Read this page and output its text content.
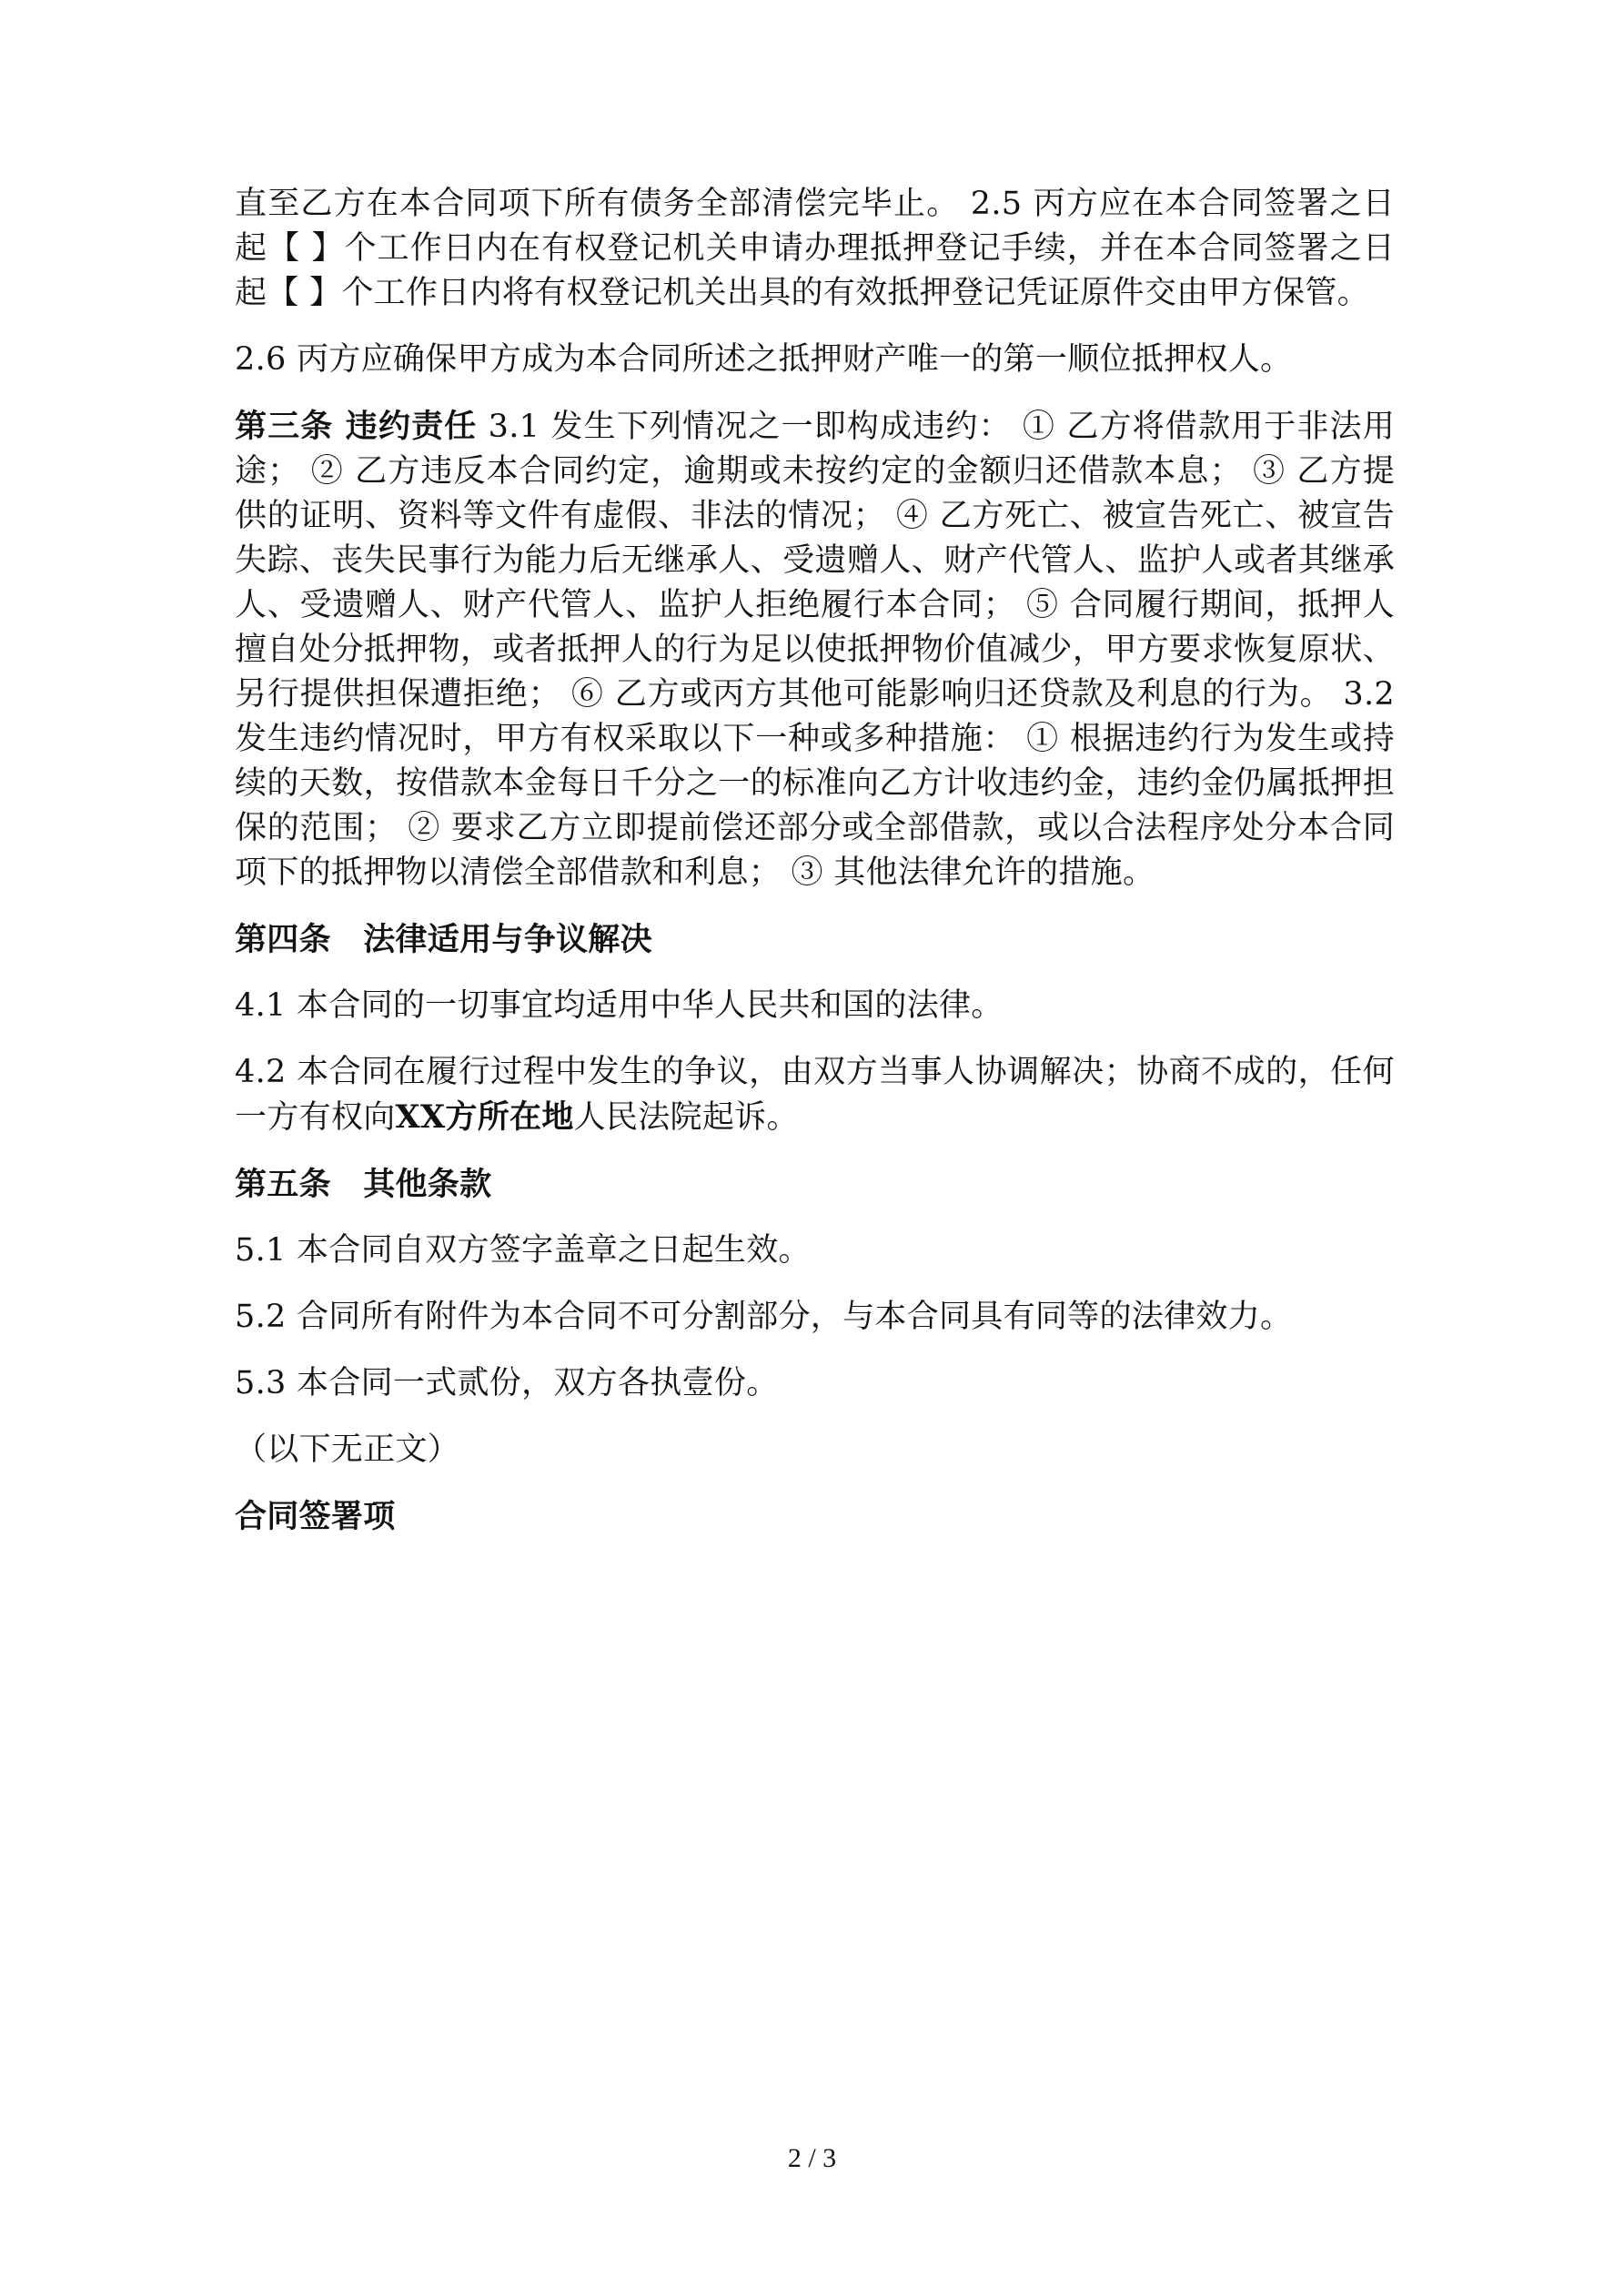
直至乙方在本合同项下所有债务全部清偿完毕止。 2.5 丙方应在本合同签署之日起【 】个工作日内在有权登记机关申请办理抵押登记手续，并在本合同签署之日起【 】个工作日内将有权登记机关出具的有效抵押登记凭证原件交由甲方保管。

2.6 丙方应确保甲方成为本合同所述之抵押财产唯一的第一顺位抵押权人。

第三条 违约责任 3.1 发生下列情况之一即构成违约： ① 乙方将借款用于非法用途； ② 乙方违反本合同约定，逾期或未按约定的金额归还借款本息； ③ 乙方提供的证明、资料等文件有虚假、非法的情况； ④ 乙方死亡、被宣告死亡、被宣告失踪、丧失民事行为能力后无继承人、受遗赠人、财产代管人、监护人或者其继承人、受遗赠人、财产代管人、监护人拒绝履行本合同； ⑤ 合同履行期间，抵押人擅自处分抵押物，或者抵押人的行为足以使抵押物价值减少，甲方要求恢复原状、另行提供担保遭拒绝； ⑥ 乙方或丙方其他可能影响归还贷款及利息的行为。 3.2 发生违约情况时，甲方有权采取以下一种或多种措施： ① 根据违约行为发生或持续的天数，按借款本金每日千分之一的标准向乙方计收违约金，违约金仍属抵押担保的范围； ② 要求乙方立即提前偿还部分或全部借款，或以合法程序处分本合同项下的抵押物以清偿全部借款和利息； ③ 其他法律允许的措施。

第四条　法律适用与争议解决

4.1 本合同的一切事宜均适用中华人民共和国的法律。

4.2 本合同在履行过程中发生的争议，由双方当事人协调解决；协商不成的，任何一方有权向XX方所在地人民法院起诉。

第五条　其他条款

5.1 本合同自双方签字盖章之日起生效。

5.2 合同所有附件为本合同不可分割部分，与本合同具有同等的法律效力。

5.3 本合同一式贰份，双方各执壹份。

（以下无正文）

合同签署项

2 / 3
